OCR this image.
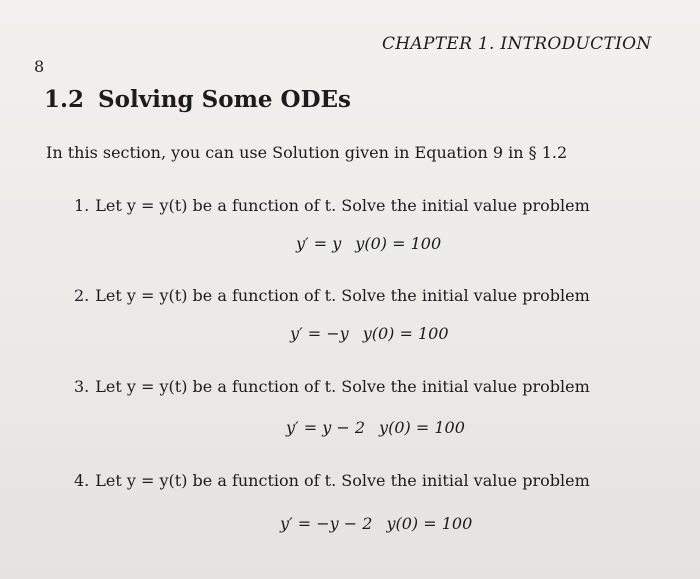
CHAPTER 1. INTRODUCTION
8
1.2 Solving Some ODEs
In this section, you can use Solution given in Equation 9 in § 1.2
1. Let y = y(t) be a function of t. Solve the initial value problem
y′ = y y(0) = 100
2. Let y = y(t) be a function of t. Solve the initial value problem
y′ = −y y(0) = 100
3. Let y = y(t) be a function of t. Solve the initial value problem
y′ = y − 2 y(0) = 100
4. Let y = y(t) be a function of t. Solve the initial value problem
y′ = −y − 2 y(0) = 100
